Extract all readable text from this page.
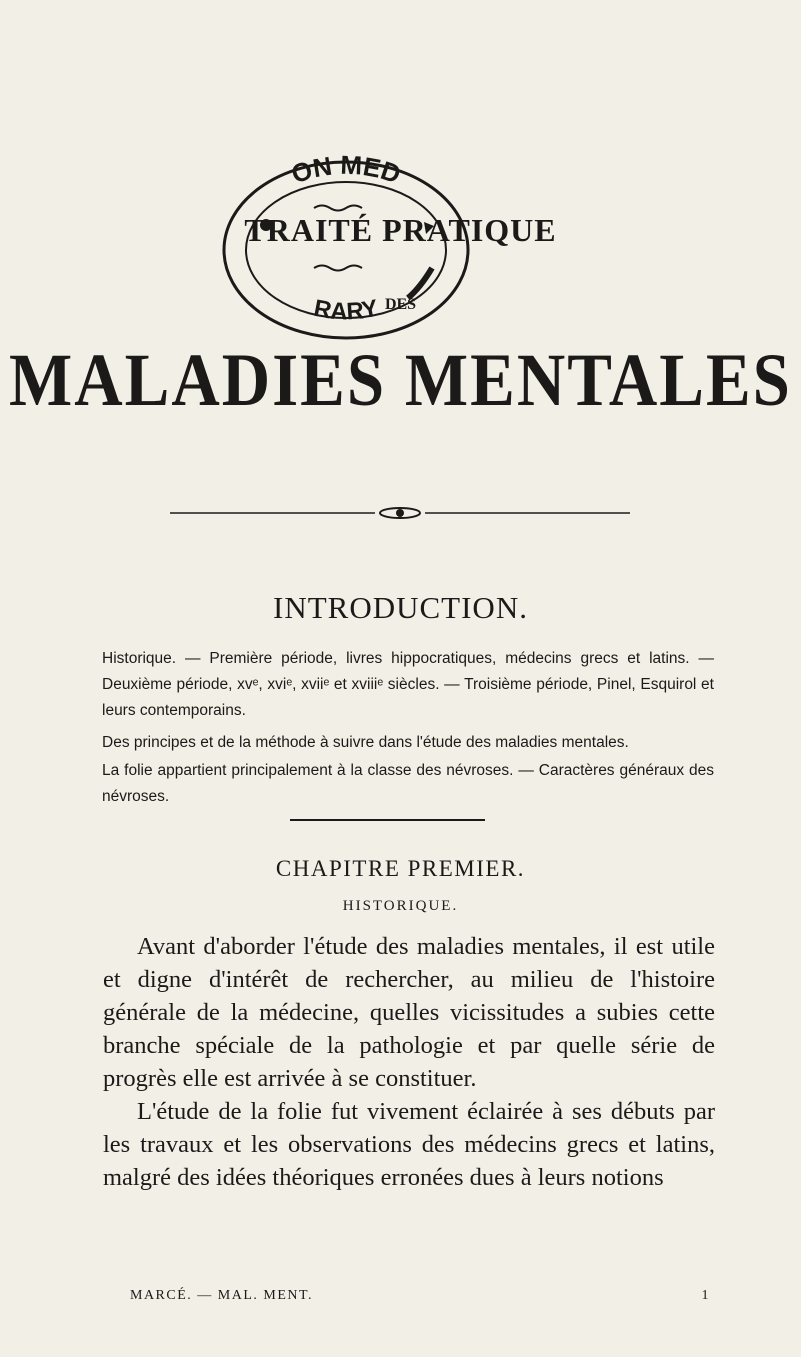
ON MED
RARY
TRAITÉ PRATIQUE
DES
MALADIES MENTALES
INTRODUCTION.

Historique. — Première période, livres hippocratiques, médecins grecs et latins. — Deuxième période, xvᵉ, xviᵉ, xviiᵉ et xviiiᵉ siècles. — Troisième période, Pinel, Esquirol et leurs contemporains.

Des principes et de la méthode à suivre dans l'étude des maladies mentales.

La folie appartient principalement à la classe des névroses. — Caractères généraux des névroses.

CHAPITRE PREMIER.
HISTORIQUE.

Avant d'aborder l'étude des maladies mentales, il est utile et digne d'intérêt de rechercher, au milieu de l'histoire générale de la médecine, quelles vicissitudes a subies cette branche spéciale de la pathologie et par quelle série de progrès elle est arrivée à se constituer.

L'étude de la folie fut vivement éclairée à ses débuts par les travaux et les observations des médecins grecs et latins, malgré des idées théoriques erronées dues à leurs notions

MARCÉ. — MAL. MENT.	1
